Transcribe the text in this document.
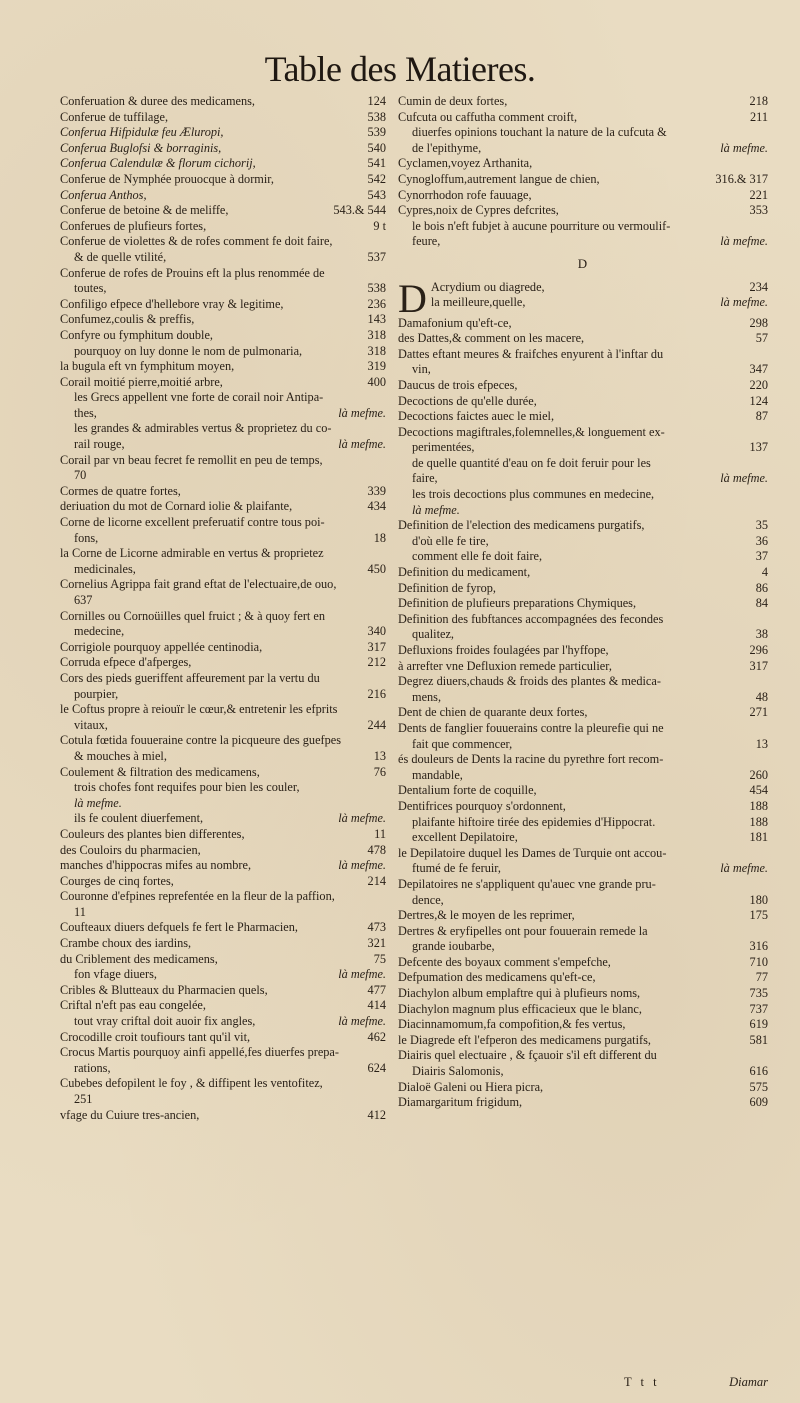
Table des Matieres.
Conferuation & duree des medicamens,	124
Conferue de tuffilage,	538
Conferua Hifpidulæ feu Æluropi,	539
Conferua Buglofsi & borraginis,	540
Conferua Calendulæ & florum cichorij,	541
Conferue de Nymphée prouocque à dormir,	542
Conferua Anthos,	543
Conferue de betoine & de meliffe,	543.& 544
Conferues de plufieurs fortes,	9 t
Conferue de violettes & de rofes comment fe doit faire,
& de quelle vtilité,	537
Conferue de rofes de Prouins eft la plus renommée de
toutes,	538
Confiligo efpece d'hellebore vray & legitime,	236
Confumez,coulis & preffis,	143
Confyre ou fymphitum double,	318
pourquoy on luy donne le nom de pulmonaria,	318
la bugula eft vn fymphitum moyen,	319
Corail moitié pierre,moitié arbre,	400
les Grecs appellent vne forte de corail noir Antipa-
thes,	là mefme.
les grandes & admirables vertus & proprietez du co-
rail rouge,	là mefme.
Corail par vn beau fecret fe remollit en peu de temps,
70
Cormes de quatre fortes,	339
deriuation du mot de Cornard iolie & plaifante,	434
Corne de licorne excellent preferuatif contre tous poi-
fons,	18
la Corne de Licorne admirable en vertus & proprietez
medicinales,	450
Cornelius Agrippa fait grand eftat de l'electuaire,de ouo,
637
Cornilles ou Cornoüilles quel fruict ; & à quoy fert en
medecine,	340
Corrigiole pourquoy appellée centinodia,	317
Corruda efpece d'afperges,	212
Cors des pieds gueriffent affeurement par la vertu du
pourpier,	216
le Coftus propre à reiouïr le cœur,& entretenir les efprits
vitaux,	244
Cotula fœtida fouueraine contre la picqueure des guefpes
& mouches à miel,	13
Coulement & filtration des medicamens,	76
trois chofes font requifes pour bien les couler,
là mefme.
ils fe coulent diuerfement,	là mefme.
Couleurs des plantes bien differentes,	11
des Couloirs du pharmacien,	478
manches d'hippocras mifes au nombre,	là mefme.
Courges de cinq fortes,	214
Couronne d'efpines reprefentée en la fleur de la paffion,
11
Coufteaux diuers defquels fe fert le Pharmacien,	473
Crambe choux des iardins,	321
du Criblement des medicamens,	75
fon vfage diuers,	là mefme.
Cribles & Blutteaux du Pharmacien quels,	477
Criftal n'eft pas eau congelée,	414
tout vray criftal doit auoir fix angles,	là mefme.
Crocodille croit toufiours tant qu'il vit,	462
Crocus Martis pourquoy ainfi appellé,fes diuerfes prepa-
rations,	624
Cubebes defopilent le foy , & diffipent les ventofitez,
251
vfage du Cuiure tres-ancien,	412
Cumin de deux fortes,	218
Cufcuta ou caffutha comment croift,	211
diuerfes opinions touchant la nature de la cufcuta &
de l'epithyme,	là mefme.
Cyclamen,voyez Arthanita,
Cynogloffum,autrement langue de chien,	316.& 317
Cynorrhodon rofe fauuage,	221
Cypres,noix de Cypres defcrites,	353
le bois n'eft fubjet à aucune pourriture ou vermoulif-
feure,	là mefme.
D
D Acrydium ou diagrede,	234
la meilleure,quelle,	là mefme.
Damafonium qu'eft-ce,	298
des Dattes,& comment on les macere,	57
Dattes eftant meures & fraifches enyurent à l'inftar du
vin,	347
Daucus de trois efpeces,	220
Decoctions de qu'elle durée,	124
Decoctions faictes auec le miel,	87
Decoctions magiftrales,folemnelles,& longuement ex-
perimentées,	137
de quelle quantité d'eau on fe doit feruir pour les
faire,	là mefme.
les trois decoctions plus communes en medecine,
là mefme.
Definition de l'election des medicamens purgatifs,	35
d'où elle fe tire,	36
comment elle fe doit faire,	37
Definition du medicament,	4
Definition de fyrop,	86
Definition de plufieurs preparations Chymiques,	84
Definition des fubftances accompagnées des fecondes
qualitez,	38
Defluxions froides foulagées par l'hyffope,	296
à arrefter vne Defluxion remede particulier,	317
Degrez diuers,chauds & froids des plantes & medica-
mens,	48
Dent de chien de quarante deux fortes,	271
Dents de fanglier fouuerains contre la pleurefie qui ne
fait que commencer,	13
és douleurs de Dents la racine du pyrethre fort recom-
mandable,	260
Dentalium forte de coquille,	454
Dentifrices pourquoy s'ordonnent,	188
plaifante hiftoire tirée des epidemies d'Hippocrat.	188
excellent Depilatoire,	181
le Depilatoire duquel les Dames de Turquie ont accou-
ftumé de fe feruir,	là mefme.
Depilatoires ne s'appliquent qu'auec vne grande pru-
dence,	180
Dertres,& le moyen de les reprimer,	175
Dertres & eryfipelles ont pour fouuerain remede la
grande ioubarbe,	316
Defcente des boyaux comment s'empefche,	710
Defpumation des medicamens qu'eft-ce,	77
Diachylon album emplaftre qui à plufieurs noms,	735
Diachylon magnum plus efficacieux que le blanc,	737
Diacinnamomum,fa compofition,& fes vertus,	619
le Diagrede eft l'efperon des medicamens purgatifs,	581
Diairis quel electuaire , & fçauoir s'il eft different du
Diairis Salomonis,	616
Dialoë Galeni ou Hiera picra,	575
Diamargaritum frigidum,	609
T t t	Diamar
